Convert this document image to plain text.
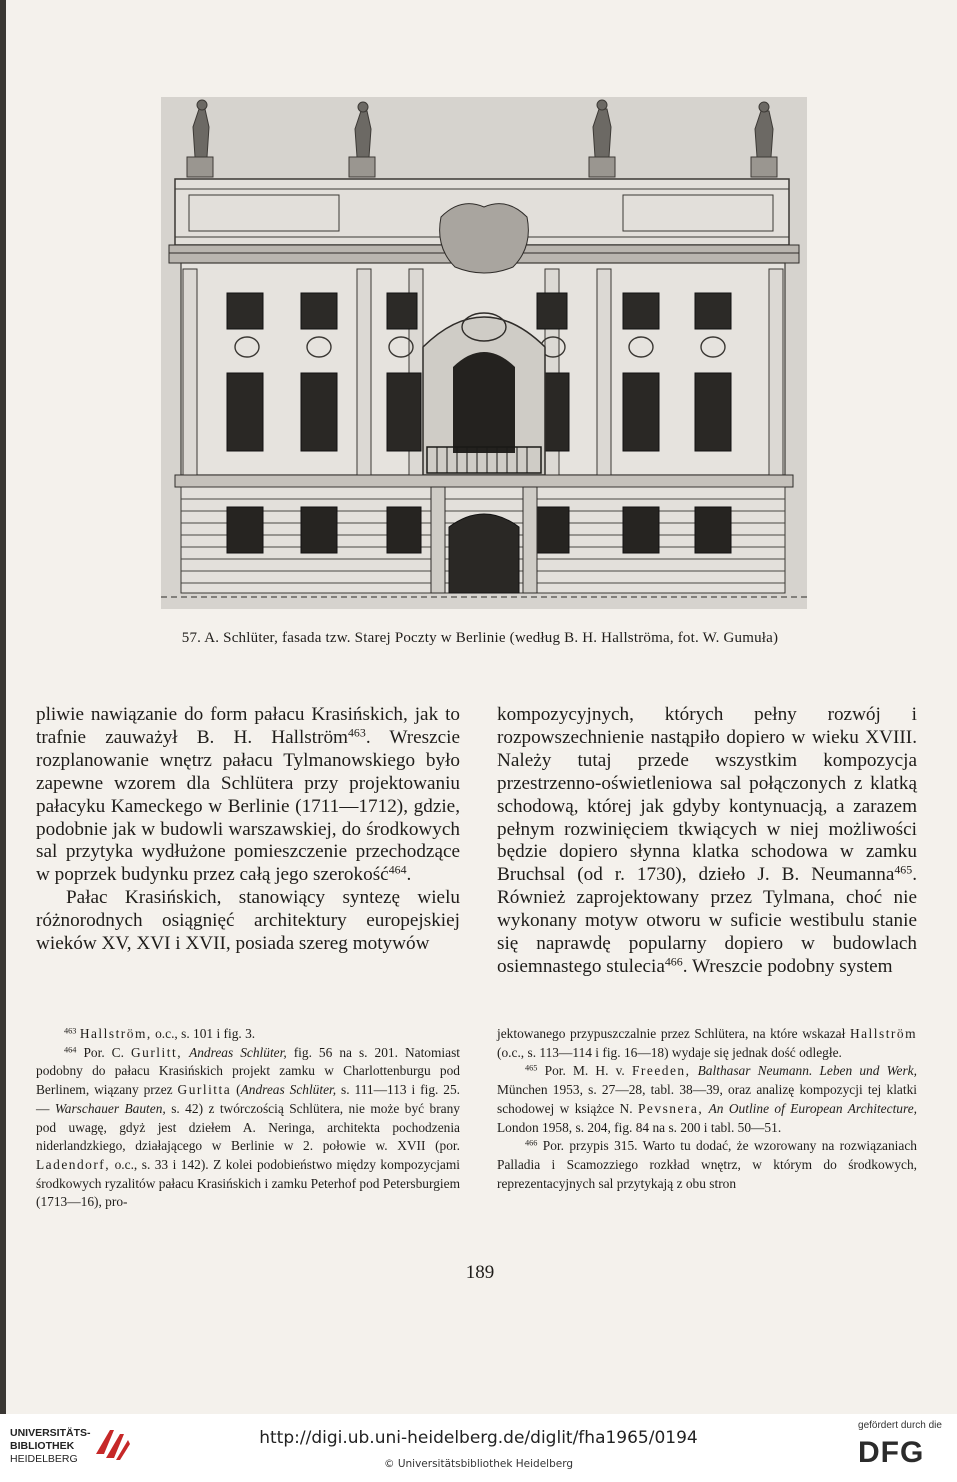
57. A. Schlüter, fasada tzw. Starej Poczty w Berlinie (według B. H. Hallströma, fot. W. Gumuła)

pliwie nawiązanie do form pałacu Krasińskich, jak to trafnie zauważył B. H. Hallström$^{463}$. Wreszcie rozplanowanie wnętrz pałacu Tylmanowskiego było zapewne wzorem dla Schlütera przy projektowaniu pałacyku Kameckego w Berlinie (1711—1712), gdzie, podobnie jak w budowli warszawskiej, do środkowych sal przytyka wydłużone pomieszczenie przechodzące w poprzek budynku przez całą jego szerokość$^{464}$.

Pałac Krasińskich, stanowiący syntezę wielu różnorodnych osiągnięć architektury europejskiej wieków XV, XVI i XVII, posiada szereg motywów

kompozycyjnych, których pełny rozwój i rozpowszechnienie nastąpiło dopiero w wieku XVIII. Należy tutaj przede wszystkim kompozycja przestrzenno-oświetleniowa sal połączonych z klatką schodową, której jak gdyby kontynuacją, a zarazem pełnym rozwinięciem tkwiących w niej możliwości będzie dopiero słynna klatka schodowa w zamku Bruchsal (od r. 1730), dzieło J. B. Neumanna$^{465}$. Również zaprojektowany przez Tylmana, choć nie wykonany motyw otworu w suficie westibulu stanie się naprawdę popularny dopiero w budowlach osiemnastego stulecia$^{466}$. Wreszcie podobny system

$^{463}$ Hallström, o.c., s. 101 i fig. 3.

$^{464}$ Por. C. Gurlitt, Andreas Schlüter, fig. 56 na s. 201. Natomiast podobny do pałacu Krasińskich projekt zamku w Charlottenburgu pod Berlinem, wiązany przez Gurlitta (Andreas Schlüter, s. 111—113 i fig. 25. — Warschauer Bauten, s. 42) z twórczością Schlütera, nie może być brany pod uwagę, gdyż jest dziełem A. Neringa, architekta pochodzenia niderlandzkiego, działającego w Berlinie w 2. połowie w. XVII (por. Ladendorf, o.c., s. 33 i 142). Z kolei podobieństwo między kompozycjami środkowych ryzalitów pałacu Krasińskich i zamku Peterhof pod Petersburgiem (1713—16), pro-

jektowanego przypuszczalnie przez Schlütera, na które wskazał Hallström (o.c., s. 113—114 i fig. 16—18) wydaje się jednak dość odległe.

$^{465}$ Por. M. H. v. Freeden, Balthasar Neumann. Leben und Werk, München 1953, s. 27—28, tabl. 38—39, oraz analizę kompozycji tej klatki schodowej w książce N. Pevsnera, An Outline of European Architecture, London 1958, s. 204, fig. 84 na s. 200 i tabl. 50—51.

$^{466}$ Por. przypis 315. Warto tu dodać, że wzorowany na rozwiązaniach Palladia i Scamozziego rozkład wnętrz, w którym do środkowych, reprezentacyjnych sal przytykają z obu stron

189
UNIVERSITÄTS-
BIBLIOTHEK
HEIDELBERG
http://digi.ub.uni-heidelberg.de/diglit/fha1965/0194
© Universitätsbibliothek Heidelberg
gefördert durch die
DFG
